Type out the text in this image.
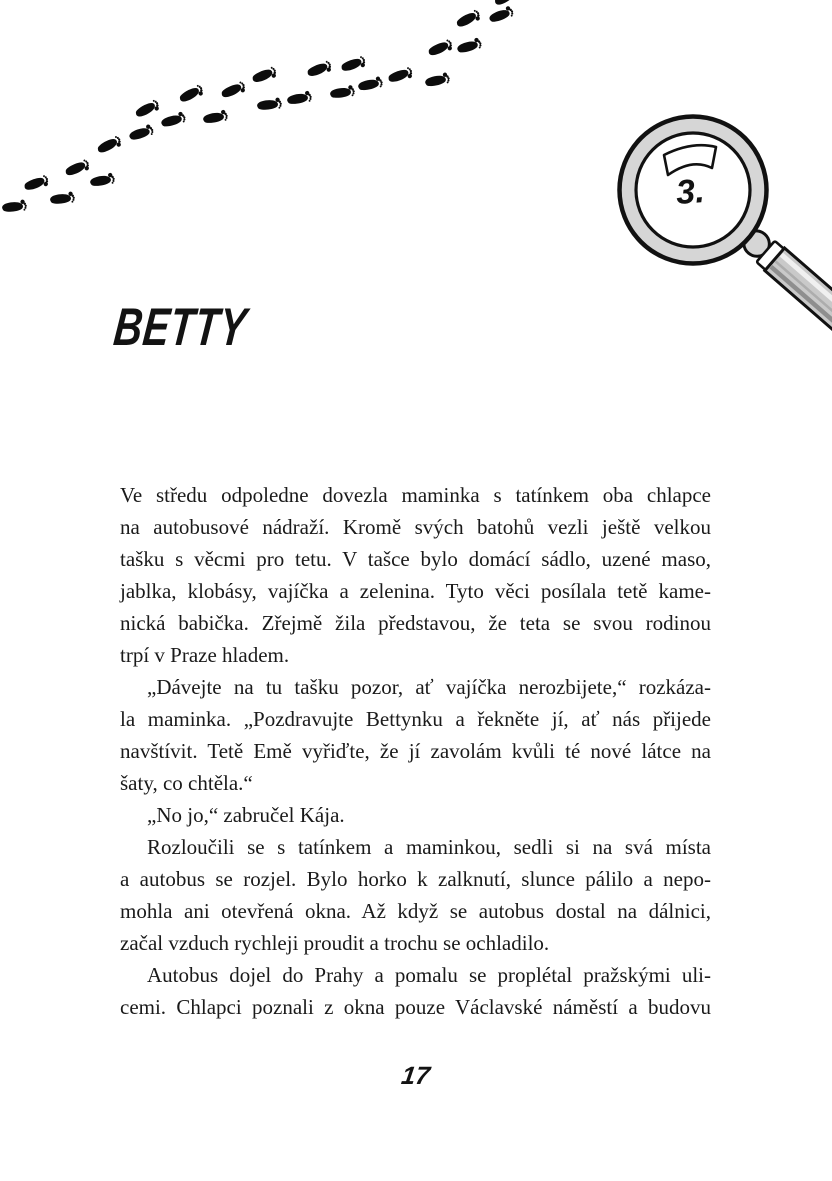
3.
BETTY
Ve středu odpoledne dovezla maminka s tatínkem oba chlapce
na autobusové nádraží. Kromě svých batohů vezli ještě velkou
tašku s věcmi pro tetu. V tašce bylo domácí sádlo, uzené maso,
jablka, klobásy, vajíčka a zelenina. Tyto věci posílala tetě kame-
nická babička. Zřejmě žila představou, že teta se svou rodinou
trpí v Praze hladem.
„Dávejte na tu tašku pozor, ať vajíčka nerozbijete,“ rozkáza-
la maminka. „Pozdravujte Bettynku a řekněte jí, ať nás přijede
navštívit. Tetě Emě vyřiďte, že jí zavolám kvůli té nové látce na
šaty, co chtěla.“
„No jo,“ zabručel Kája.
Rozloučili se s tatínkem a maminkou, sedli si na svá místa
a autobus se rozjel. Bylo horko k zalknutí, slunce pálilo a nepo-
mohla ani otevřená okna. Až když se autobus dostal na dálnici,
začal vzduch rychleji proudit a trochu se ochladilo.
Autobus dojel do Prahy a pomalu se proplétal pražskými uli-
cemi. Chlapci poznali z okna pouze Václavské náměstí a budovu
17
